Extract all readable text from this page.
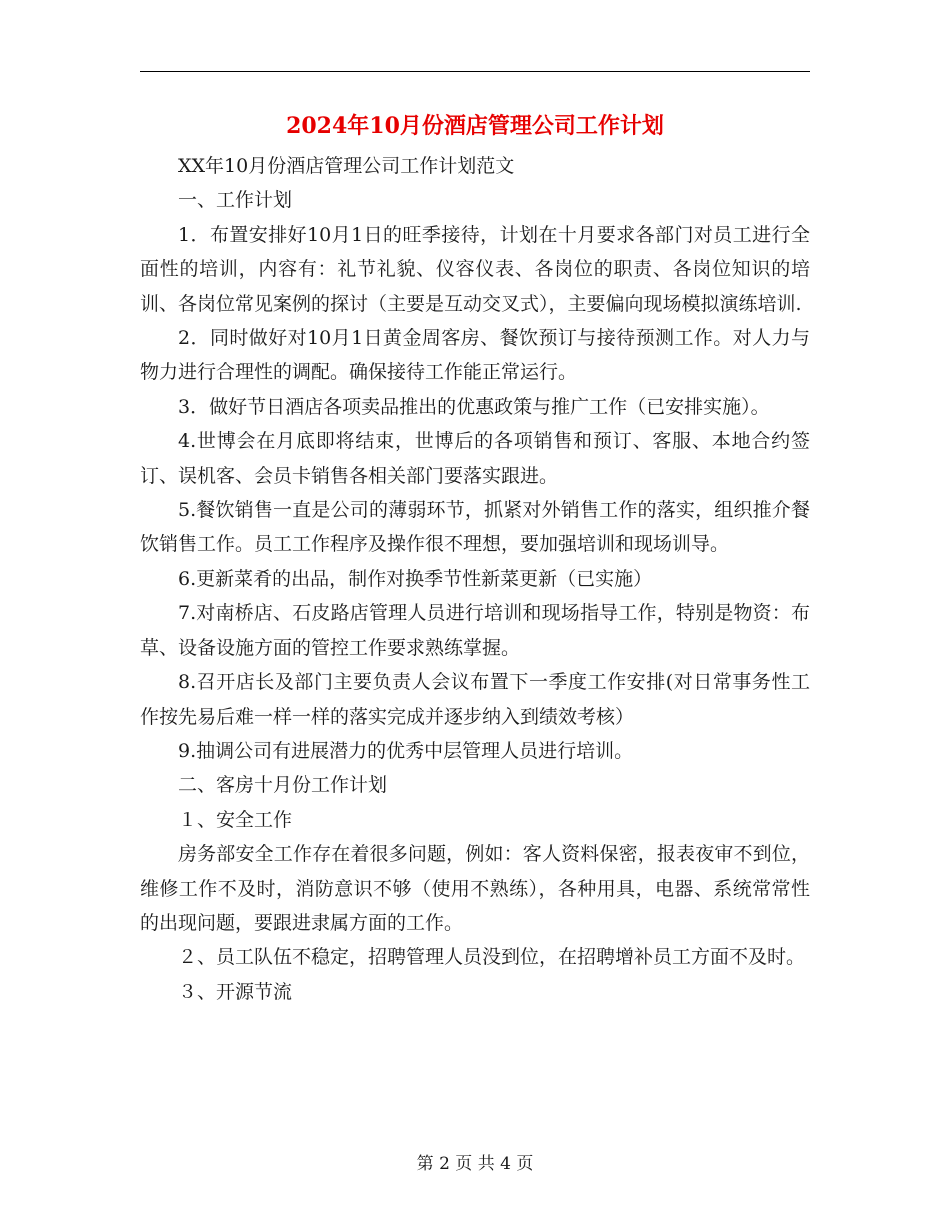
2024年10月份酒店管理公司工作计划

XX年10月份酒店管理公司工作计划范文

一、工作计划

1．布置安排好10月1日的旺季接待，计划在十月要求各部门对员工进行全面性的培训，内容有：礼节礼貌、仪容仪表、各岗位的职责、各岗位知识的培训、各岗位常见案例的探讨（主要是互动交叉式），主要偏向现场模拟演练培训.

2．同时做好对10月1日黄金周客房、餐饮预订与接待预测工作。对人力与物力进行合理性的调配。确保接待工作能正常运行。

3．做好节日酒店各项卖品推出的优惠政策与推广工作（已安排实施）。

4.世博会在月底即将结束，世博后的各项销售和预订、客服、本地合约签订、误机客、会员卡销售各相关部门要落实跟进。

5.餐饮销售一直是公司的薄弱环节，抓紧对外销售工作的落实，组织推介餐饮销售工作。员工工作程序及操作很不理想，要加强培训和现场训导。

6.更新菜肴的出品，制作对换季节性新菜更新（已实施）

7.对南桥店、石皮路店管理人员进行培训和现场指导工作，特别是物资：布草、设备设施方面的管控工作要求熟练掌握。

8.召开店长及部门主要负责人会议布置下一季度工作安排(对日常事务性工作按先易后难一样一样的落实完成并逐步纳入到绩效考核）

9.抽调公司有进展潜力的优秀中层管理人员进行培训。

二、客房十月份工作计划

１、安全工作

房务部安全工作存在着很多问题，例如：客人资料保密，报表夜审不到位，维修工作不及时，消防意识不够（使用不熟练），各种用具，电器、系统常常性的出现问题，要跟进隶属方面的工作。

２、员工队伍不稳定，招聘管理人员没到位，在招聘增补员工方面不及时。

３、开源节流

第 2 页 共 4 页
